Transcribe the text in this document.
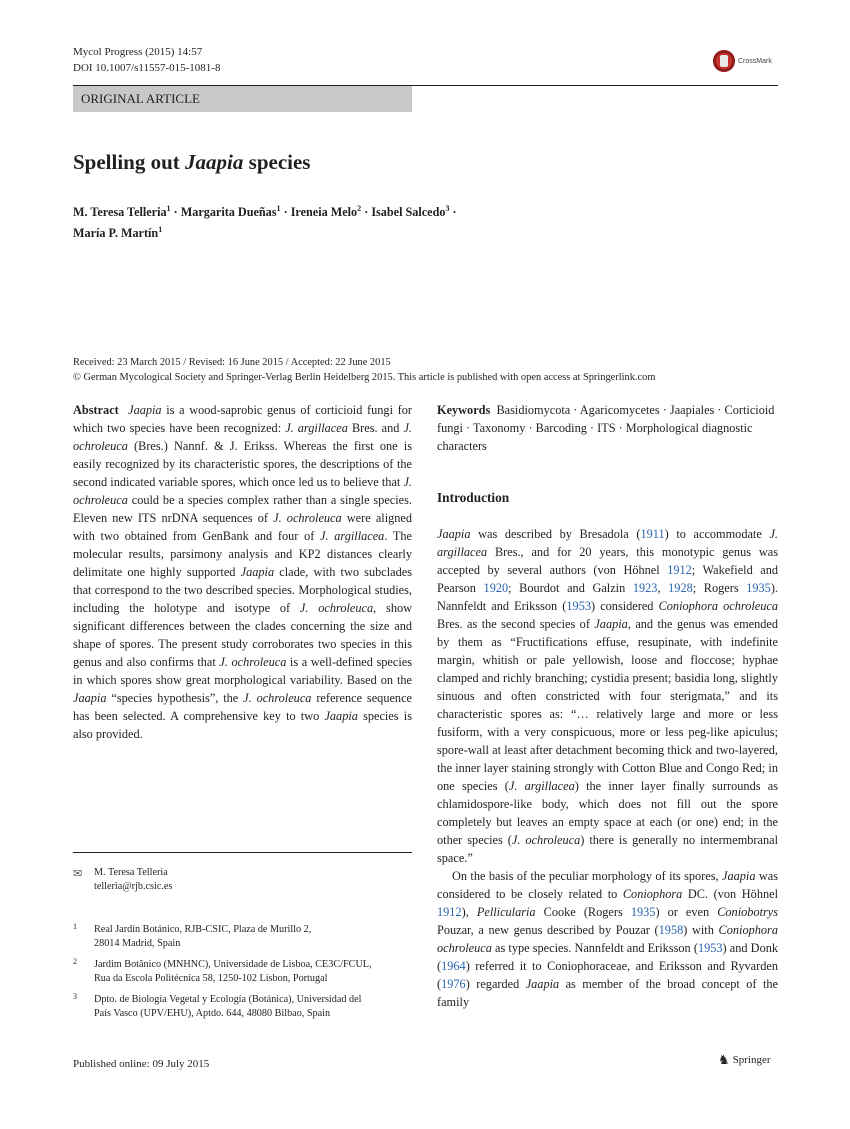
Mycol Progress (2015) 14:57
DOI 10.1007/s11557-015-1081-8
CrossMark
ORIGINAL ARTICLE
Spelling out Jaapia species
M. Teresa Telleria$^1$ · Margarita Dueñas$^1$ · Ireneia Melo$^2$ · Isabel Salcedo$^3$ ·
María P. Martín$^1$
Received: 23 March 2015 / Revised: 16 June 2015 / Accepted: 22 June 2015
© German Mycological Society and Springer-Verlag Berlin Heidelberg 2015. This article is published with open access at Springerlink.com
Abstract Jaapia is a wood-saprobic genus of corticioid fungi for which two species have been recognized: J. argillacea Bres. and J. ochroleuca (Bres.) Nannf. & J. Erikss. Whereas the first one is easily recognized by its characteristic spores, the descriptions of the second indicated variable spores, which once led us to believe that J. ochroleuca could be a species complex rather than a single species. Eleven new ITS nrDNA sequences of J. ochroleuca were aligned with two obtained from GenBank and four of J. argillacea. The molecular results, parsimony analysis and KP2 distances clearly delimitate one highly supported Jaapia clade, with two subclades that correspond to the two described species. Morphological studies, including the holotype and isotype of J. ochroleuca, show significant differences between the clades concerning the size and shape of spores. The present study corroborates two species in this genus and also confirms that J. ochroleuca is a well-defined species in which spores show great morphological variability. Based on the Jaapia “species hypothesis”, the J. ochroleuca reference sequence has been selected. A comprehensive key to two Jaapia species is also provided.
Keywords Basidiomycota · Agaricomycetes · Jaapiales · Corticioid fungi · Taxonomy · Barcoding · ITS · Morphological diagnostic characters
Introduction

Jaapia was described by Bresadola (1911) to accommodate J. argillacea Bres., and for 20 years, this monotypic genus was accepted by several authors (von Höhnel 1912; Wakefield and Pearson 1920; Bourdot and Galzin 1923, 1928; Rogers 1935). Nannfeldt and Eriksson (1953) considered Coniophora ochroleuca Bres. as the second species of Jaapia, and the genus was emended by them as “Fructifications effuse, resupinate, with indefinite margin, whitish or pale yellowish, loose and floccose; hyphae clamped and richly branching; cystidia present; basidia long, slightly sinuous and often constricted with four sterigmata,” and its characteristic spores as: “… relatively large and more or less fusiform, with a very conspicuous, more or less peg-like apiculus; spore-wall at least after detachment becoming thick and two-layered, the inner layer staining strongly with Cotton Blue and Congo Red; in one species (J. argillacea) the inner layer finally surrounds as chlamidospore-like body, which does not fill out the spore completely but leaves an empty space at each (or one) end; in the other species (J. ochroleuca) there is generally no intermembranal space.”

On the basis of the peculiar morphology of its spores, Jaapia was considered to be closely related to Coniophora DC. (von Höhnel 1912), Pellicularia Cooke (Rogers 1935) or even Coniobotrys Pouzar, a new genus described by Pouzar (1958) with Coniophora ochroleuca as type species. Nannfeldt and Eriksson (1953) and Donk (1964) referred it to Coniophoraceae, and Eriksson and Ryvarden (1976) regarded Jaapia as member of the broad concept of the family

✉ M. Teresa Telleria
telleria@rjb.csic.es
1 Real Jardín Botánico, RJB-CSIC, Plaza de Murillo 2,
28014 Madrid, Spain
2 Jardim Botânico (MNHNC), Universidade de Lisboa, CE3C/FCUL,
Rua da Escola Politécnica 58, 1250-102 Lisbon, Portugal
3 Dpto. de Biología Vegetal y Ecología (Botánica), Universidad del
País Vasco (UPV/EHU), Aptdo. 644, 48080 Bilbao, Spain
Published online: 09 July 2015	♞ Springer
